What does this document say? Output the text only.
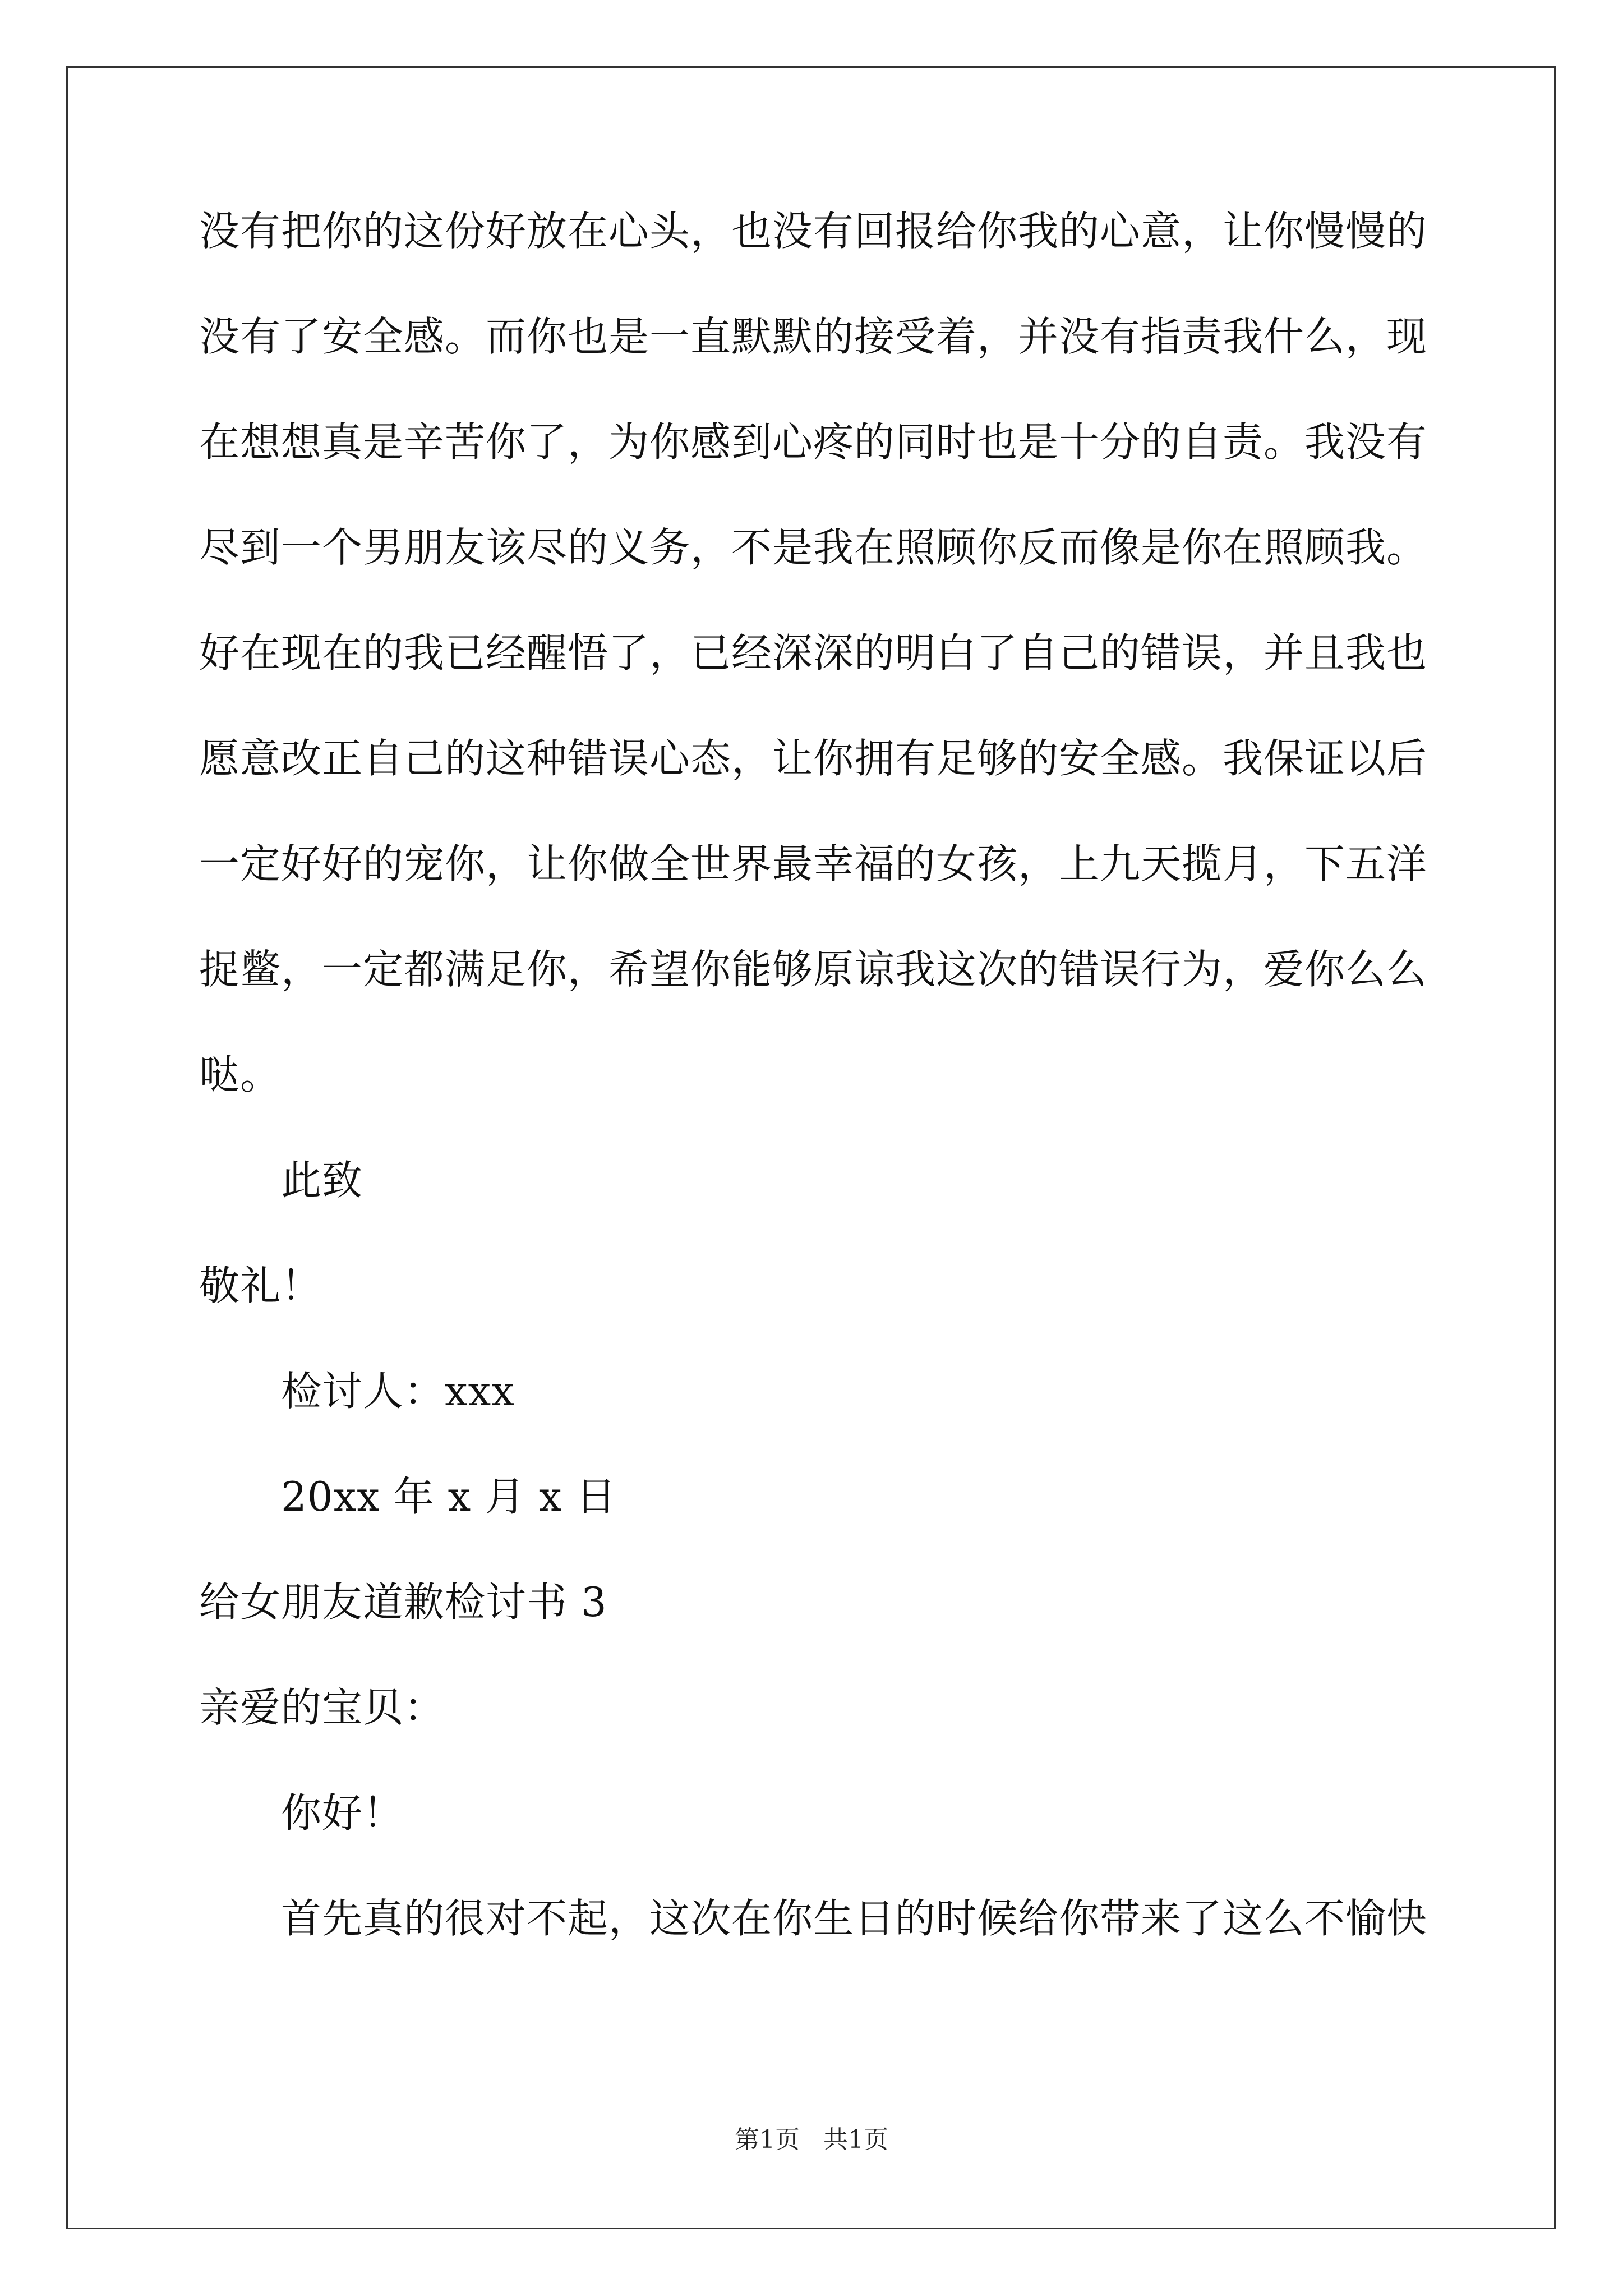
没有把你的这份好放在心头，也没有回报给你我的心意，让你慢慢的
没有了安全感。而你也是一直默默的接受着，并没有指责我什么，现
在想想真是辛苦你了，为你感到心疼的同时也是十分的自责。我没有
尽到一个男朋友该尽的义务，不是我在照顾你反而像是你在照顾我。
好在现在的我已经醒悟了，已经深深的明白了自己的错误，并且我也
愿意改正自己的这种错误心态，让你拥有足够的安全感。我保证以后
一定好好的宠你，让你做全世界最幸福的女孩，上九天揽月，下五洋
捉鳖，一定都满足你，希望你能够原谅我这次的错误行为，爱你么么
哒。
此致
敬礼！
检讨人：xxx
20xx 年 x 月 x 日
给女朋友道歉检讨书 3
亲爱的宝贝：
你好！
首先真的很对不起，这次在你生日的时候给你带来了这么不愉快
第1页   共1页
